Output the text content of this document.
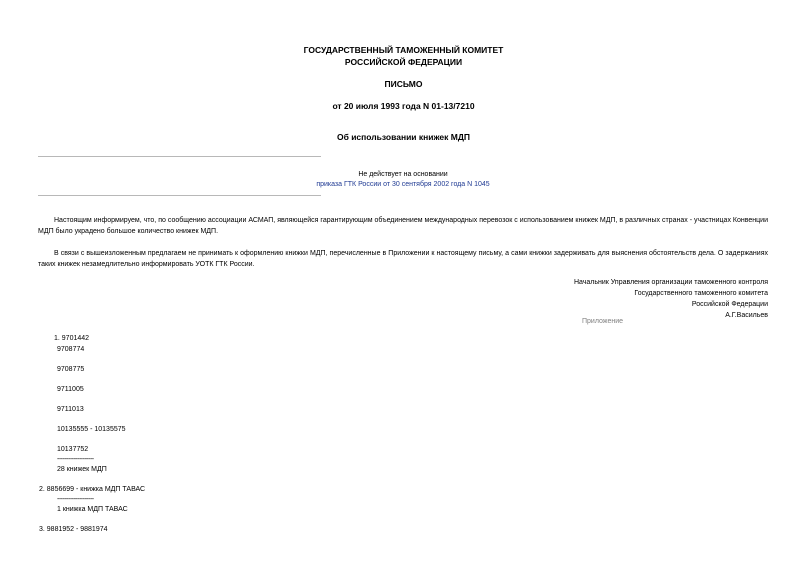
ГОСУДАРСТВЕННЫЙ ТАМОЖЕННЫЙ КОМИТЕТ
РОССИЙСКОЙ ФЕДЕРАЦИИ
ПИСЬМО
от 20 июля 1993 года N 01-13/7210
Об использовании книжек МДП
Не действует на основании
приказа ГТК России от 30 сентября 2002 года N 1045
Настоящим информируем, что, по сообщению ассоциации АСМАП, являющейся гарантирующим объединением международных перевозок с использованием книжек МДП, в различных странах - участницах Конвенции МДП было украдено большое количество книжек МДП.
В связи с вышеизложенным предлагаем не принимать к оформлению книжки МДП, перечисленные в Приложении к настоящему письму, а сами книжки задерживать для выяснения обстоятельств дела. О задержаниях таких книжек незамедлительно информировать УОТК ГТК России.
Начальник Управления организации таможенного контроля
Государственного таможенного комитета
Российской Федерации
А.Г.Васильев
Приложение
1. 9701442
9708774
9708775
9711005
9711013
10135555 - 10135575
10137752
--------------------
28 книжек МДП
2. 8856699 - книжка МДП ТАВАС
--------------------
1 книжка МДП ТАВАС
3. 9881952 - 9881974
